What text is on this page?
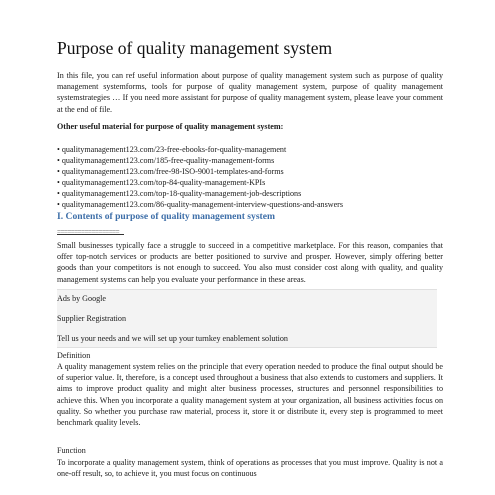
Purpose of quality management system

In this file, you can ref useful information about purpose of quality management system such as purpose of quality management systemforms, tools for purpose of quality management system, purpose of quality management systemstrategies … If you need more assistant for purpose of quality management system, please leave your comment at the end of file.

Other useful material for purpose of quality management system:

• qualitymanagement123.com/23-free-ebooks-for-quality-management
• qualitymanagement123.com/185-free-quality-management-forms
• qualitymanagement123.com/free-98-ISO-9001-templates-and-forms
• qualitymanagement123.com/top-84-quality-management-KPIs
• qualitymanagement123.com/top-18-quality-management-job-descriptions
• qualitymanagement123.com/86-quality-management-interview-questions-and-answers
I. Contents of purpose of quality management system
==================

Small businesses typically face a struggle to succeed in a competitive marketplace. For this reason, companies that offer top-notch services or products are better positioned to survive and prosper. However, simply offering better goods than your competitors is not enough to succeed. You also must consider cost along with quality, and quality management systems can help you evaluate your performance in these areas.

Ads by Google
Supplier Registration
Tell us your needs and we will set up your turnkey enablement solution
Definition

A quality management system relies on the principle that every operation needed to produce the final output should be of superior value. It, therefore, is a concept used throughout a business that also extends to customers and suppliers. It aims to improve product quality and might alter business processes, structures and personnel responsibilities to achieve this. When you incorporate a quality management system at your organization, all business activities focus on quality. So whether you purchase raw material, process it, store it or distribute it, every step is programmed to meet benchmark quality levels.

Function

To incorporate a quality management system, think of operations as processes that you must improve. Quality is not a one-off result, so, to achieve it, you must focus on continuous
